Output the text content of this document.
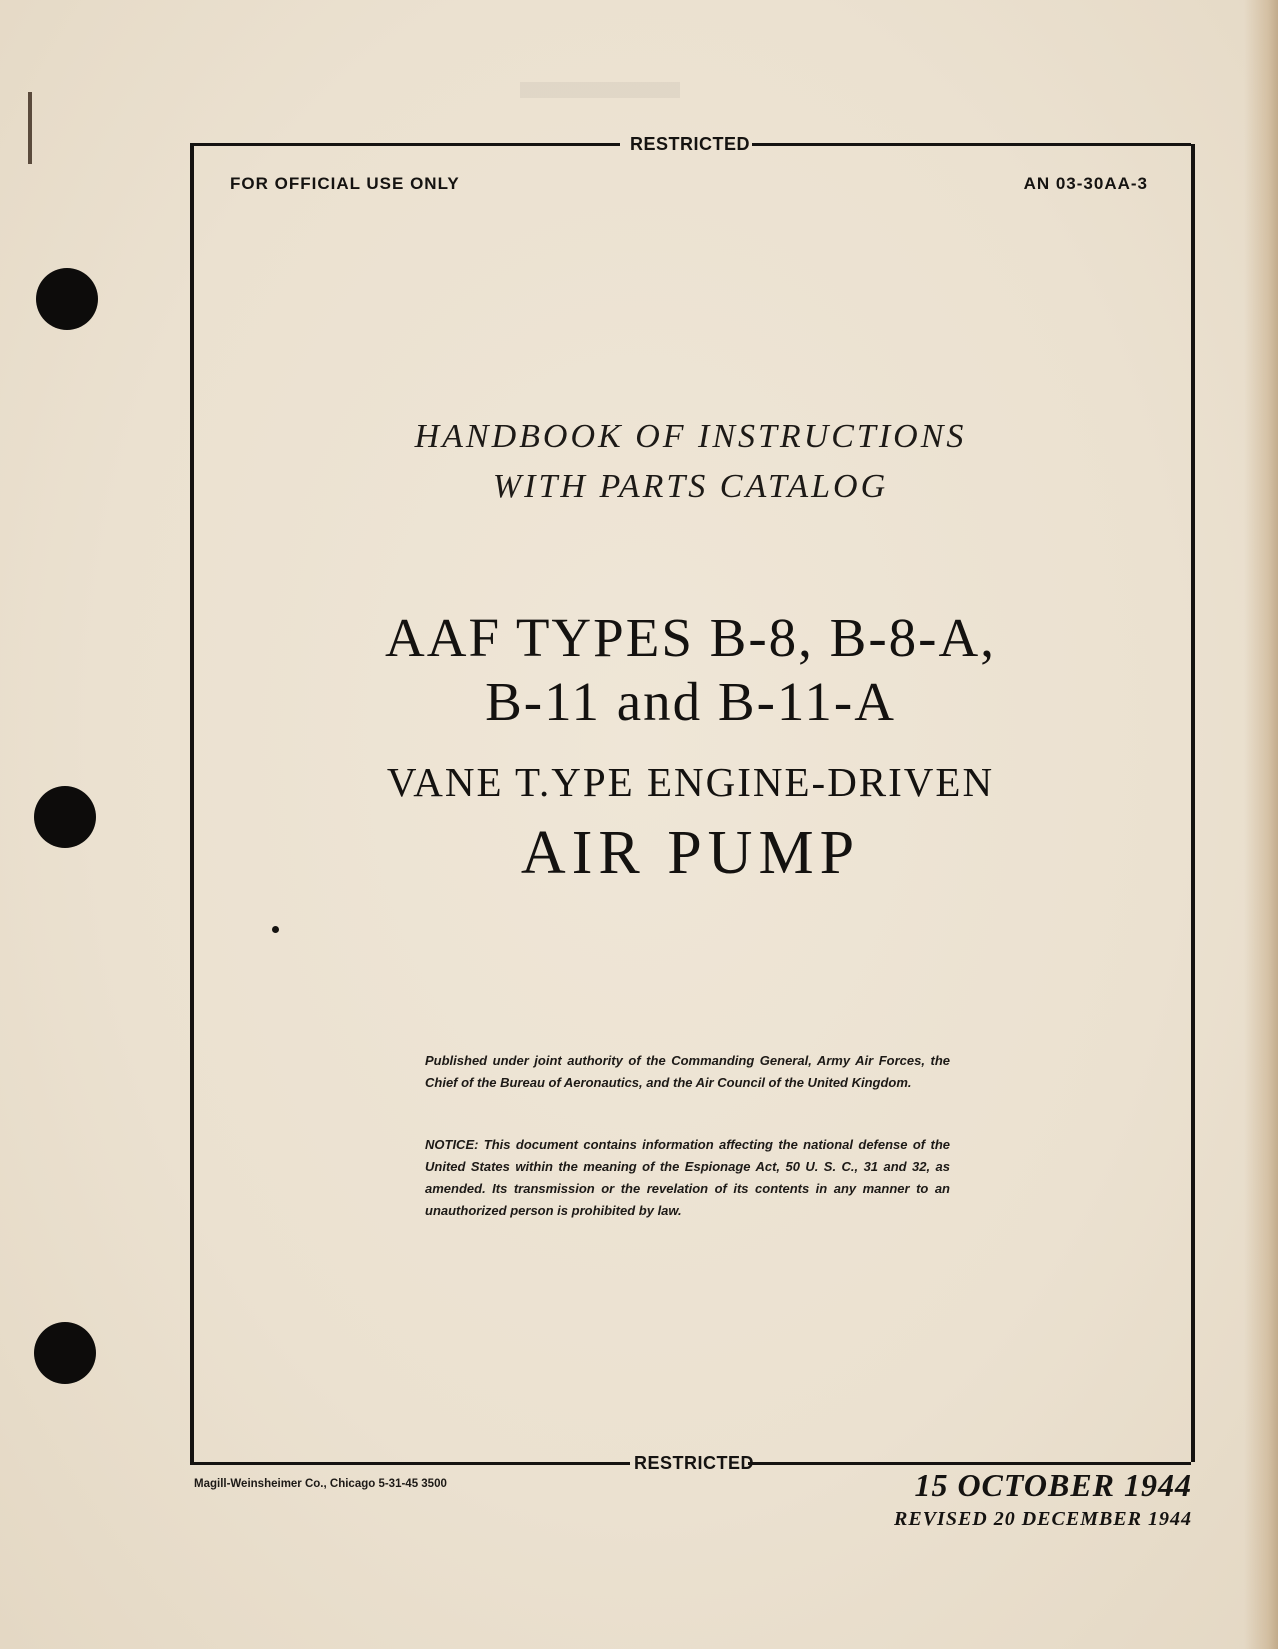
RESTRICTED
RESTRICTED
FOR OFFICIAL USE ONLY	AN 03-30AA-3
HANDBOOK OF INSTRUCTIONS
WITH PARTS CATALOG
AAF TYPES B-8, B-8-A,
B-11 and B-11-A
VANE T.YPE ENGINE-DRIVEN
AIR PUMP
Published under joint authority of the Commanding General, Army Air Forces, the Chief of the Bureau of Aeronautics, and the Air Council of the United Kingdom.
NOTICE: This document contains information affecting the national defense of the United States within the meaning of the Espionage Act, 50 U. S. C., 31 and 32, as amended. Its transmission or the revelation of its contents in any manner to an unauthorized person is prohibited by law.
Magill-Weinsheimer Co., Chicago 5-31-45 3500	15 OCTOBER 1944
REVISED 20 DECEMBER 1944
